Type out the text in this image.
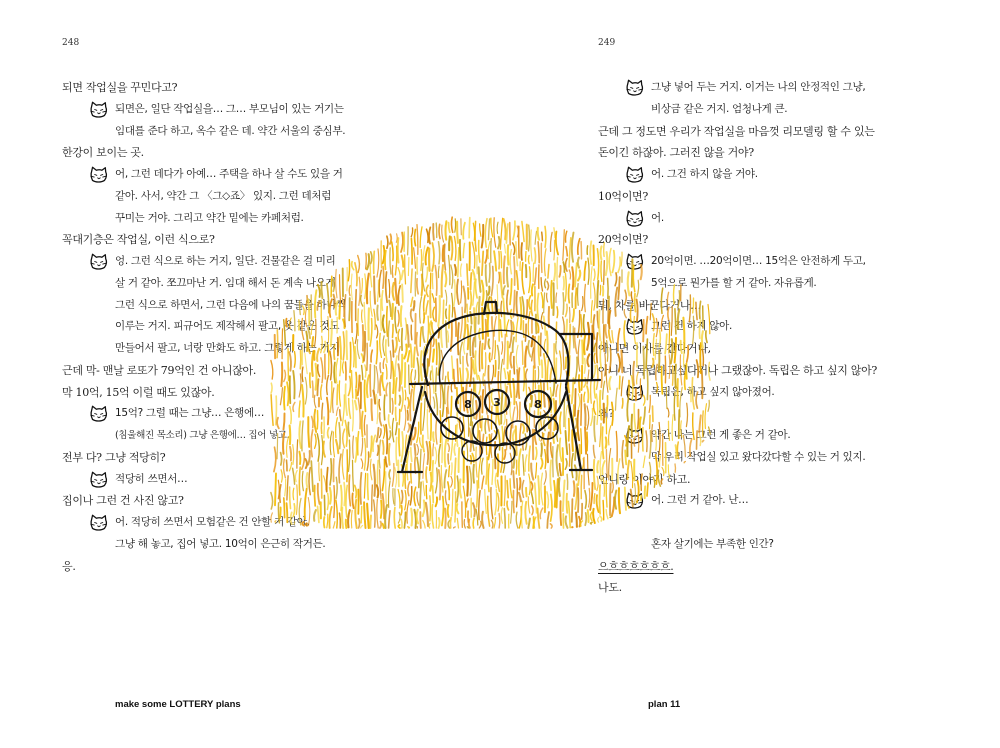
248	249
되면 작업실을 꾸민다고?
되면은, 일단 작업실을… 그… 부모님이 있는 거기는
임대를 준다 하고, 옥수 같은 데. 약간 서울의 중심부.
한강이 보이는 곳.
어, 그런 데다가 아예… 주택을 하나 살 수도 있을 거
같아. 사서, 약간 그 〈그◇죠〉 있지. 그런 데처럼
꾸미는 거야. 그리고 약간 밑에는 카페처럼.
꼭대기층은 작업실, 이런 식으로?
엉. 그런 식으로 하는 거지, 일단. 건물같은 걸 미리
살 거 같아. 쪼끄마난 거. 임대 해서 돈 계속 나오게
그런 식으로 하면서, 그런 다음에 나의 꿈들을 하나씩
이루는 거지. 피규어도 제작해서 팔고, 옷 같은 것도
만들어서 팔고, 너랑 만화도 하고. 그렇게 하는 거지
근데 막- 맨날 로또가 79억인 건 아니잖아.
막 10억, 15억 이럴 때도 있잖아.
15억? 그럴 때는 그냥… 은행에…
(침울해진 목소리) 그냥 은행에… 집어 넣고.
전부 다? 그냥 적당히?
적당히 쓰면서…
집이나 그런 건 사진 않고?
어. 적당히 쓰면서 모험같은 건 안할 거 같아.
그냥 해 놓고, 집어 넣고. 10억이 은근히 작거든.
응.
그냥 넣어 두는 거지. 이거는 나의 안정적인 그냥,
비상금 같은 거지. 엄청나게 큰.
근데 그 정도면 우리가 작업실을 마음껏 리모델링 할 수 있는
돈이긴 하잖아. 그러진 않을 거야?
어. 그건 하지 않을 거야.
10억이면?
어.
20억이면?
20억이면. …20억이면… 15억은 안전하게 두고,
5억으로 뭔가를 할 거 같아. 자유롭게.
뭐, 차를 바꾼다거나…
그런 건 하지 않아.
아니면 이사를 간다거나,
아니 너 독립하고싶다거나 그랬잖아. 독립은 하고 싶지 않아?
독립은, 하고 싶지 않아졌어.
왜?
약간 나는 그런 게 좋은 거 같아.
막 우리 작업실 있고 왔다갔다할 수 있는 거 있지.
언니랑 이야기 하고.
어. 그런 거 같아. 난…
혼자 살기에는 부족한 인간?
으흐흐흐흐흐흐.
나도.
make some LOTTERY plans	plan 11
8 3	8
